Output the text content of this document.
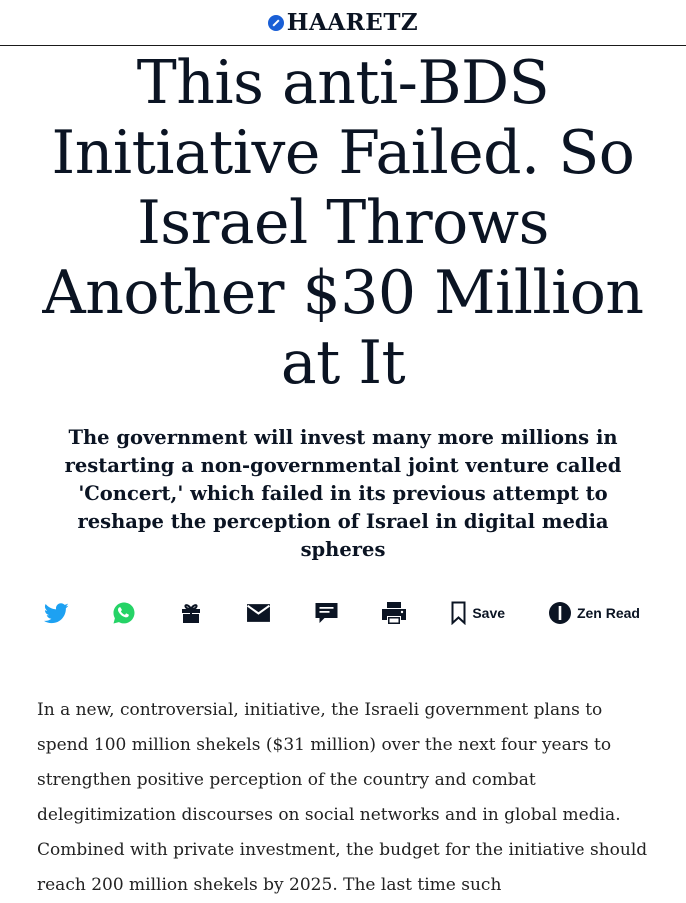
HAARETZ
This anti-BDS Initiative Failed. So Israel Throws Another $30 Million at It
The government will invest many more millions in restarting a non-governmental joint venture called 'Concert,' which failed in its previous attempt to reshape the perception of Israel in digital media spheres
Save	Zen Read

In a new, controversial, initiative, the Israeli government plans to spend 100 million shekels ($31 million) over the next four years to strengthen positive perception of the country and combat delegitimization discourses on social networks and in global media. Combined with private investment, the budget for the initiative should reach 200 million shekels by 2025. The last time such
